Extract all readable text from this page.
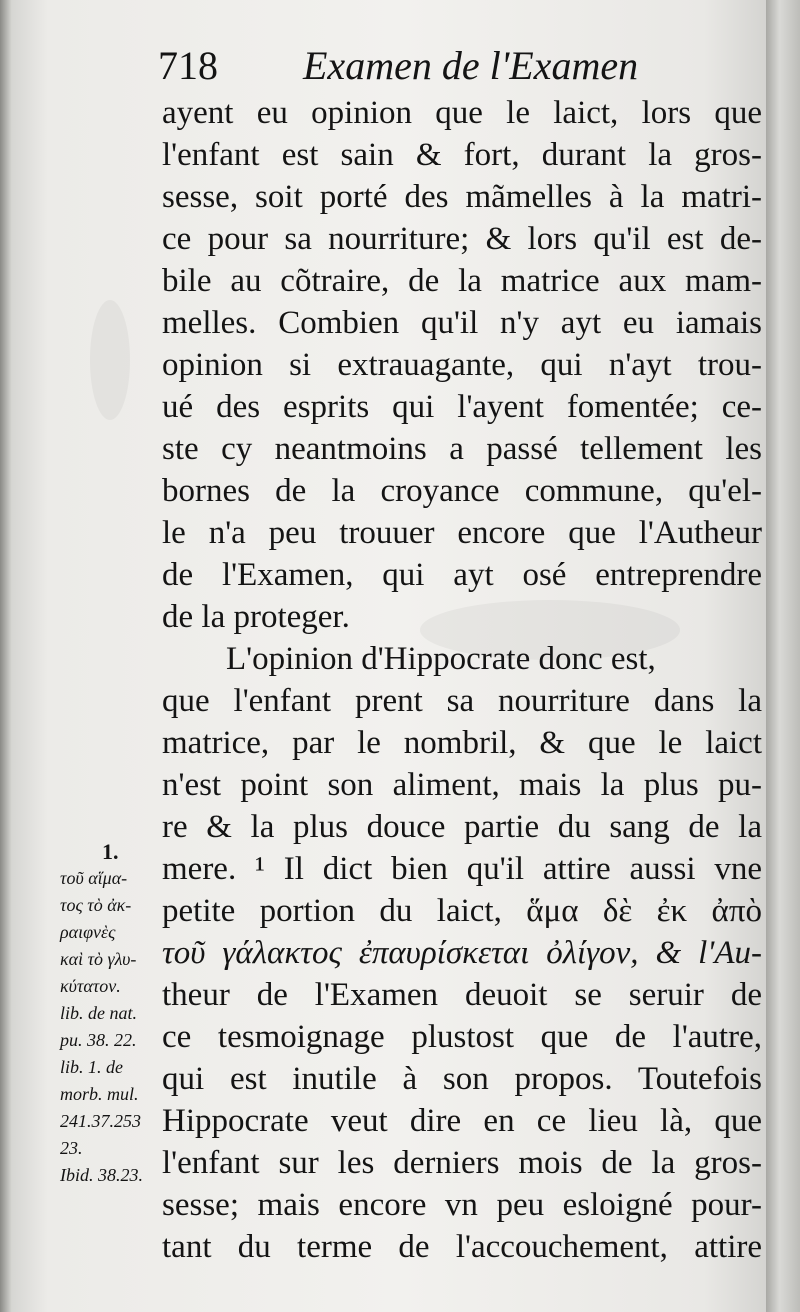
718 Examen de l'Examen
ayent eu opinion que le laict, lors que
l'enfant est sain & fort, durant la gros-
sesse, soit porté des mãmelles à la matri-
ce pour sa nourriture; & lors qu'il est de-
bile au cõtraire, de la matrice aux mam-
melles. Combien qu'il n'y ayt eu iamais
opinion si extrauagante, qui n'ayt trou-
ué des esprits qui l'ayent fomentée; ce-
ste cy neantmoins a passé tellement les
bornes de la croyance commune, qu'el-
le n'a peu trouuer encore que l'Autheur
de l'Examen, qui ayt osé entreprendre
de la proteger.
L'opinion d'Hippocrate donc est,
que l'enfant prent sa nourriture dans la
matrice, par le nombril, & que le laict
n'est point son aliment, mais la plus pu-
re & la plus douce partie du sang de la
mere. ¹ Il dict bien qu'il attire aussi vne
petite portion du laict, ἅμα δὲ ἐκ ἀπὸ
τοῦ γάλακτος ἐπαυρίσκεται ὀλίγον, & l'Au-
theur de l'Examen deuoit se seruir de
ce tesmoignage plustost que de l'autre,
qui est inutile à son propos. Toutefois
Hippocrate veut dire en ce lieu là, que
l'enfant sur les derniers mois de la gros-
sesse; mais encore vn peu esloigné pour-
tant du terme de l'accouchement, attire
1.
τοῦ αἵμα-
τος τὸ ἀκ-
ραιφνὲς
καὶ τὸ γλυ-
κύτατον.
lib. de nat.
pu. 38. 22.
lib. 1. de
morb. mul.
241.37.253
23.
Ibid. 38.23.
